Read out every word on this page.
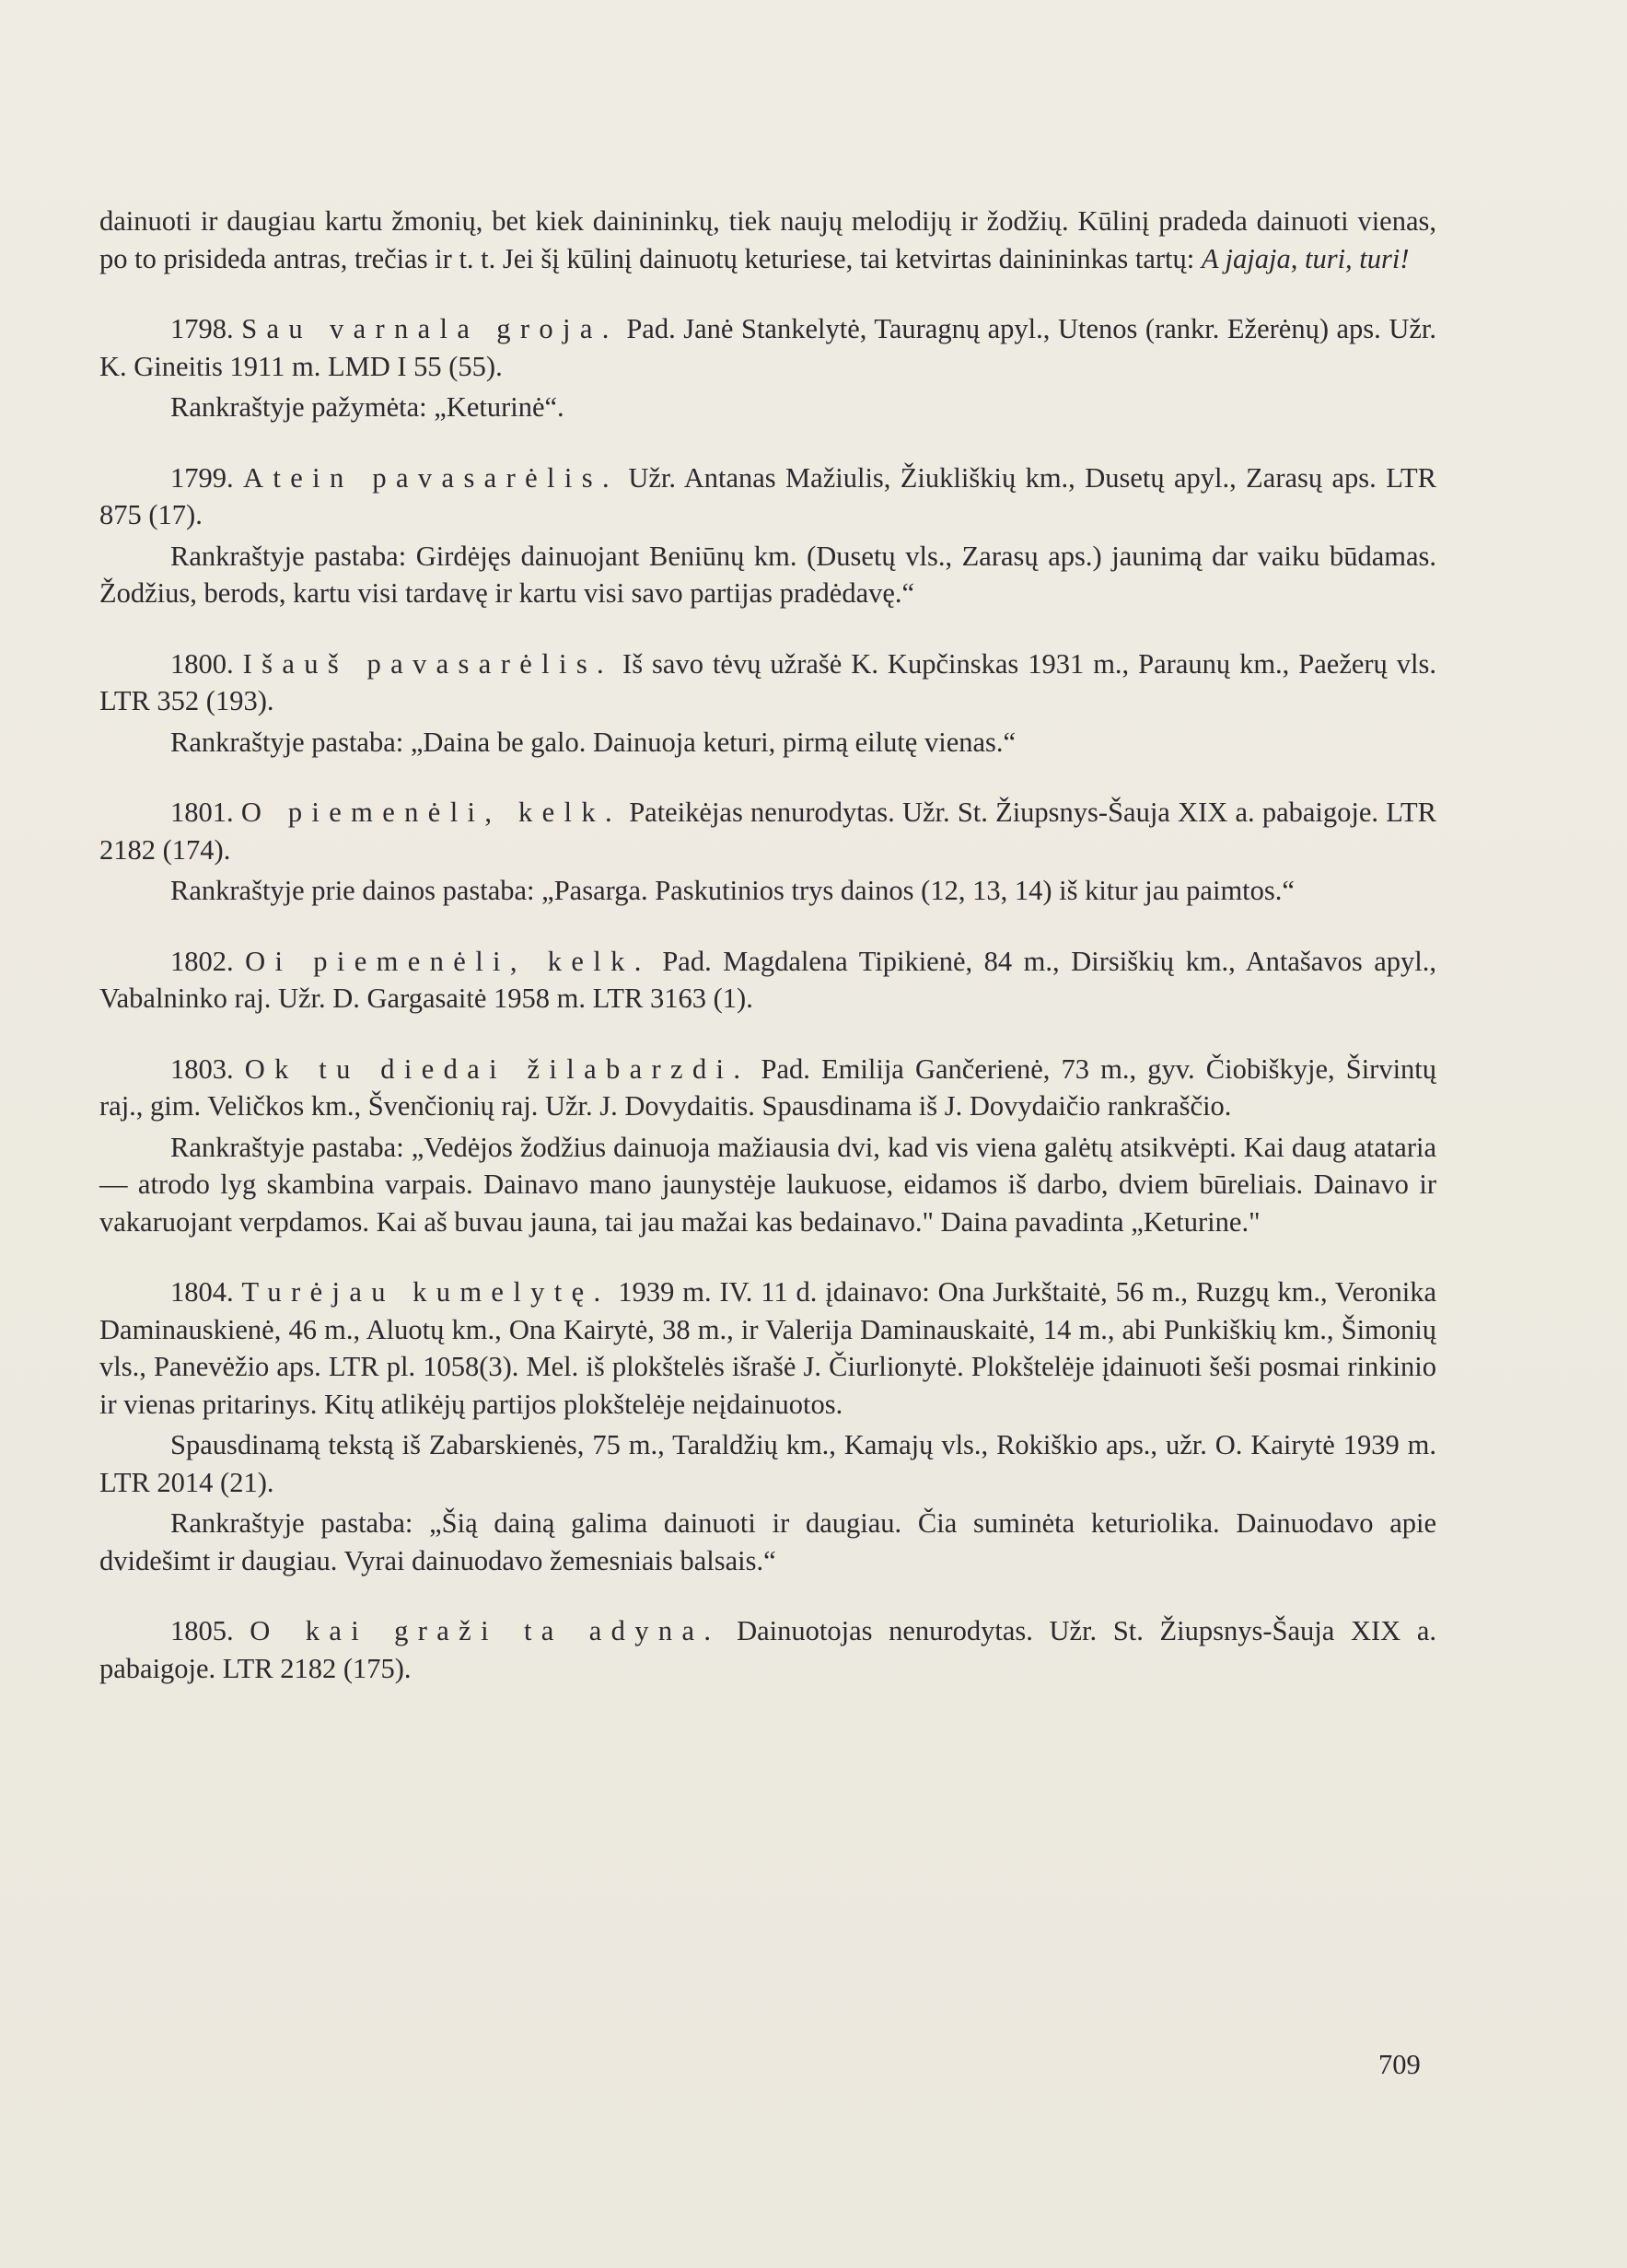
dainuoti ir daugiau kartu žmonių, bet kiek dainininkų, tiek naujų melodijų ir žodžių. Kūlinį pradeda dainuoti vienas, po to prisideda antras, trečias ir t. t. Jei šį kūlinį dainuotų keturiese, tai ketvirtas dainininkas tartų: A jajaja, turi, turi!

1798. Sau varnala groja. Pad. Janė Stankelytė, Tauragnų apyl., Utenos (rankr. Ežerėnų) aps. Užr. K. Gineitis 1911 m. LMD I 55 (55).

Rankraštyje pažymėta: „Keturinė“.

1799. Atein pavasarėlis. Užr. Antanas Mažiulis, Žiukliškių km., Dusetų apyl., Zarasų aps. LTR 875 (17).

Rankraštyje pastaba: Girdėjęs dainuojant Beniūnų km. (Dusetų vls., Zarasų aps.) jaunimą dar vaiku būdamas. Žodžius, berods, kartu visi tardavę ir kartu visi savo partijas pradėdavę.“

1800. Išauš pavasarėlis. Iš savo tėvų užrašė K. Kupčinskas 1931 m., Paraunų km., Paežerų vls. LTR 352 (193).

Rankraštyje pastaba: „Daina be galo. Dainuoja keturi, pirmą eilutę vienas.“

1801. O piemenėli, kelk. Pateikėjas nenurodytas. Užr. St. Žiupsnys-Šauja XIX a. pabaigoje. LTR 2182 (174).

Rankraštyje prie dainos pastaba: „Pasarga. Paskutinios trys dainos (12, 13, 14) iš kitur jau paimtos.“

1802. Oi piemenėli, kelk. Pad. Magdalena Tipikienė, 84 m., Dirsiškių km., Antašavos apyl., Vabalninko raj. Užr. D. Gargasaitė 1958 m. LTR 3163 (1).

1803. Ok tu diedai žilabarzdi. Pad. Emilija Gančerienė, 73 m., gyv. Čiobiškyje, Širvintų raj., gim. Veličkos km., Švenčionių raj. Užr. J. Dovydaitis. Spausdinama iš J. Dovydaičio rankraščio.

Rankraštyje pastaba: „Vedėjos žodžius dainuoja mažiausia dvi, kad vis viena galėtų atsikvėpti. Kai daug atataria — atrodo lyg skambina varpais. Dainavo mano jaunystėje laukuose, eidamos iš darbo, dviem būreliais. Dainavo ir vakaruojant verpdamos. Kai aš buvau jauna, tai jau mažai kas bedainavo." Daina pavadinta „Keturine."

1804. Turėjau kumelytę. 1939 m. IV. 11 d. įdainavo: Ona Jurkštaitė, 56 m., Ruzgų km., Veronika Daminauskienė, 46 m., Aluotų km., Ona Kairytė, 38 m., ir Valerija Daminauskaitė, 14 m., abi Punkiškių km., Šimonių vls., Panevėžio aps. LTR pl. 1058(3). Mel. iš plokštelės išrašė J. Čiurlionytė. Plokštelėje įdainuoti šeši posmai rinkinio ir vienas pritarinys. Kitų atlikėjų partijos plokštelėje neįdainuotos.

Spausdinamą tekstą iš Zabarskienės, 75 m., Taraldžių km., Kamajų vls., Rokiškio aps., užr. O. Kairytė 1939 m. LTR 2014 (21).

Rankraštyje pastaba: „Šią dainą galima dainuoti ir daugiau. Čia suminėta keturiolika. Dainuodavo apie dvidešimt ir daugiau. Vyrai dainuodavo žemesniais balsais.“

1805. O kai graži ta adyna. Dainuotojas nenurodytas. Užr. St. Žiupsnys-Šauja XIX a. pabaigoje. LTR 2182 (175).

709
